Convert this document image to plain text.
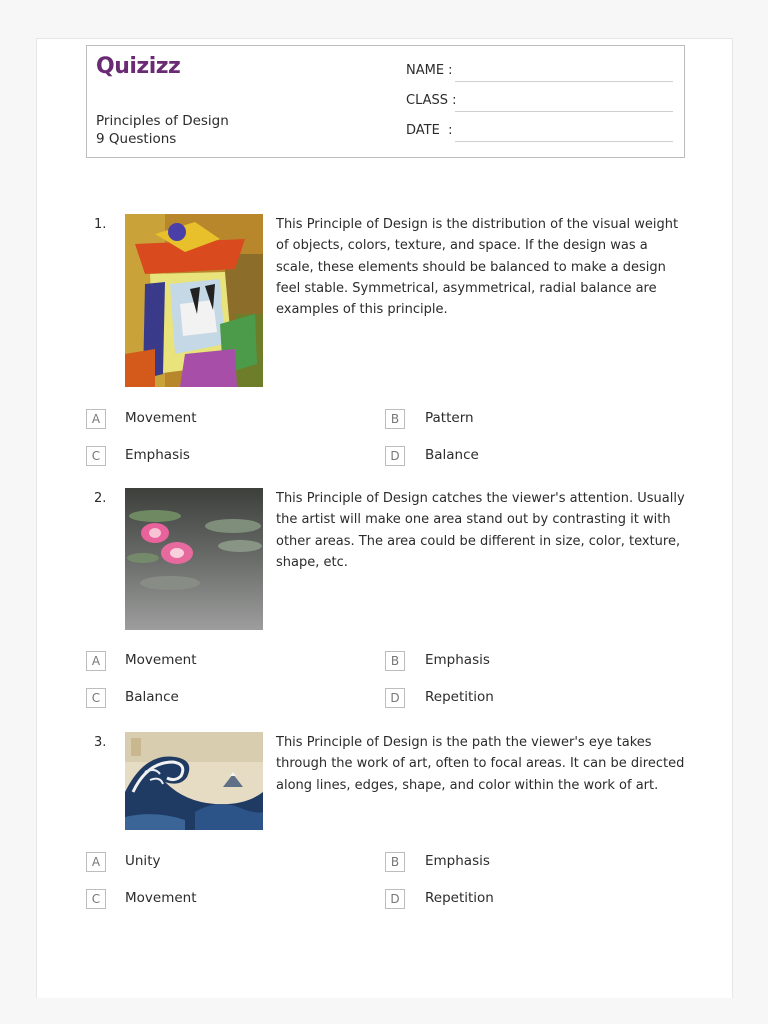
Quizizz
Principles of Design
9 Questions
NAME :
CLASS :
DATE  :
1.	This Principle of Design is the distribution of the visual weight of objects, colors, texture, and space. If the design was a scale, these elements should be balanced to make a design feel stable. Symmetrical, asymmetrical, radial balance are examples of this principle.
A	Movement	B	Pattern
C	Emphasis	D	Balance
2.	This Principle of Design catches the viewer's attention. Usually the artist will make one area stand out by contrasting it with other areas. The area could be different in size, color, texture, shape, etc.
A	Movement	B	Emphasis
C	Balance	D	Repetition
3.	This Principle of Design is the path the viewer's eye takes through the work of art, often to focal areas. It can be directed along lines, edges, shape, and color within the work of art.
A	Unity	B	Emphasis
C	Movement	D	Repetition
